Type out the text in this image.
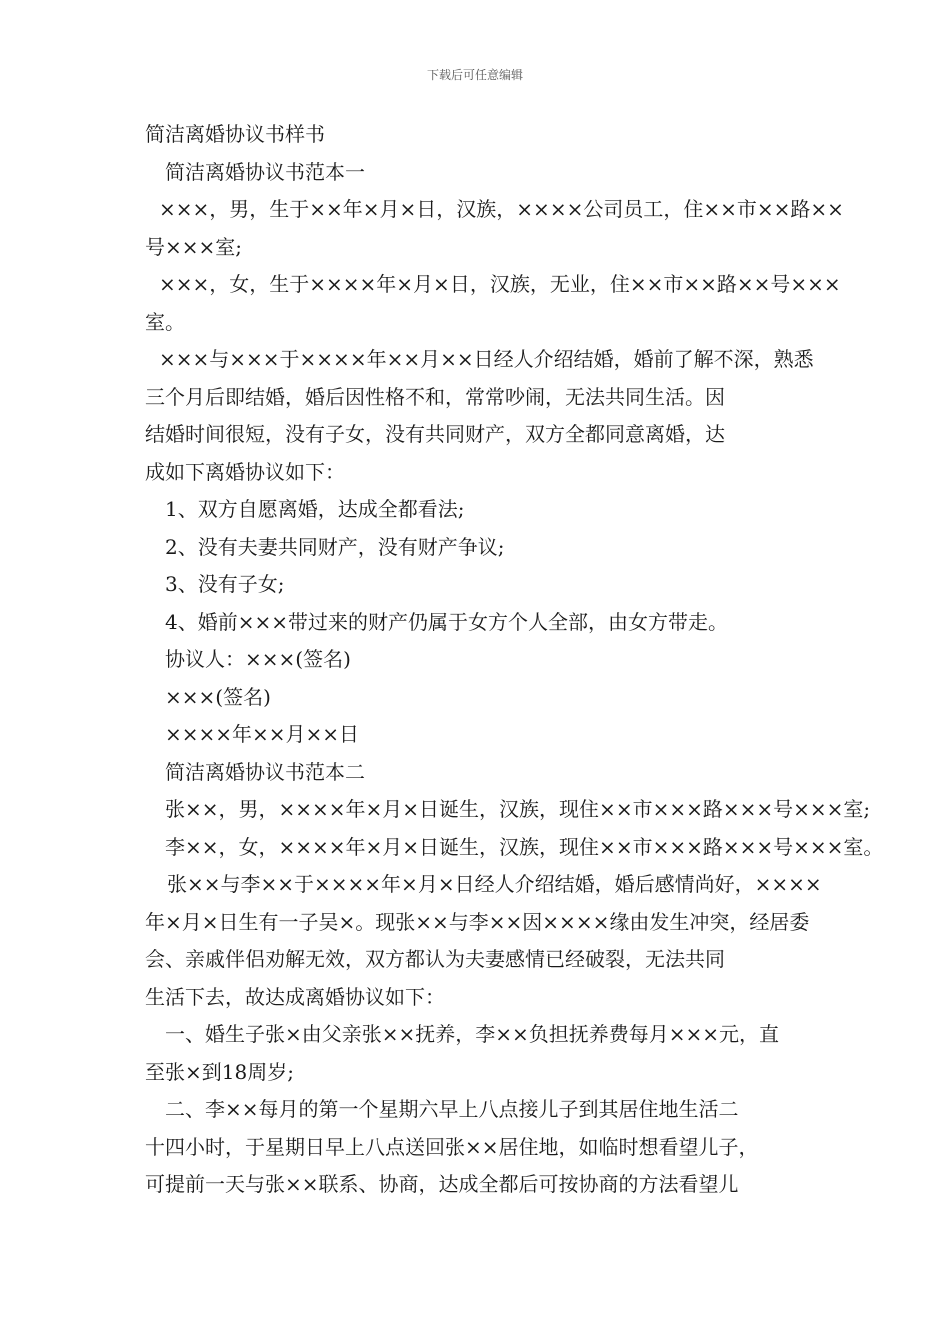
下载后可任意编辑
简洁离婚协议书样书
简洁离婚协议书范本一
×××，男，生于××年×月×日，汉族，××××公司员工，住××市××路××
号×××室;
×××，女，生于××××年×月×日，汉族，无业，住××市××路××号×××
室。
×××与×××于××××年××月××日经人介绍结婚，婚前了解不深，熟悉
三个月后即结婚，婚后因性格不和，常常吵闹，无法共同生活。因
结婚时间很短，没有子女，没有共同财产，双方全都同意离婚，达
成如下离婚协议如下：
1、双方自愿离婚，达成全都看法;
2、没有夫妻共同财产，没有财产争议;
3、没有子女;
4、婚前×××带过来的财产仍属于女方个人全部，由女方带走。
协议人：×××(签名)
×××(签名)
××××年××月××日
简洁离婚协议书范本二
张××，男，××××年×月×日诞生，汉族，现住××市×××路×××号×××室;
李××，女，××××年×月×日诞生，汉族，现住××市×××路×××号×××室。
张××与李××于××××年×月×日经人介绍结婚，婚后感情尚好，××××
年×月×日生有一子吴×。现张××与李××因××××缘由发生冲突，经居委
会、亲戚伴侣劝解无效，双方都认为夫妻感情已经破裂，无法共同
生活下去，故达成离婚协议如下：
一、婚生子张×由父亲张××抚养，李××负担抚养费每月×××元，直
至张×到18周岁;
二、李××每月的第一个星期六早上八点接儿子到其居住地生活二
十四小时，于星期日早上八点送回张××居住地，如临时想看望儿子，
可提前一天与张××联系、协商，达成全都后可按协商的方法看望儿
